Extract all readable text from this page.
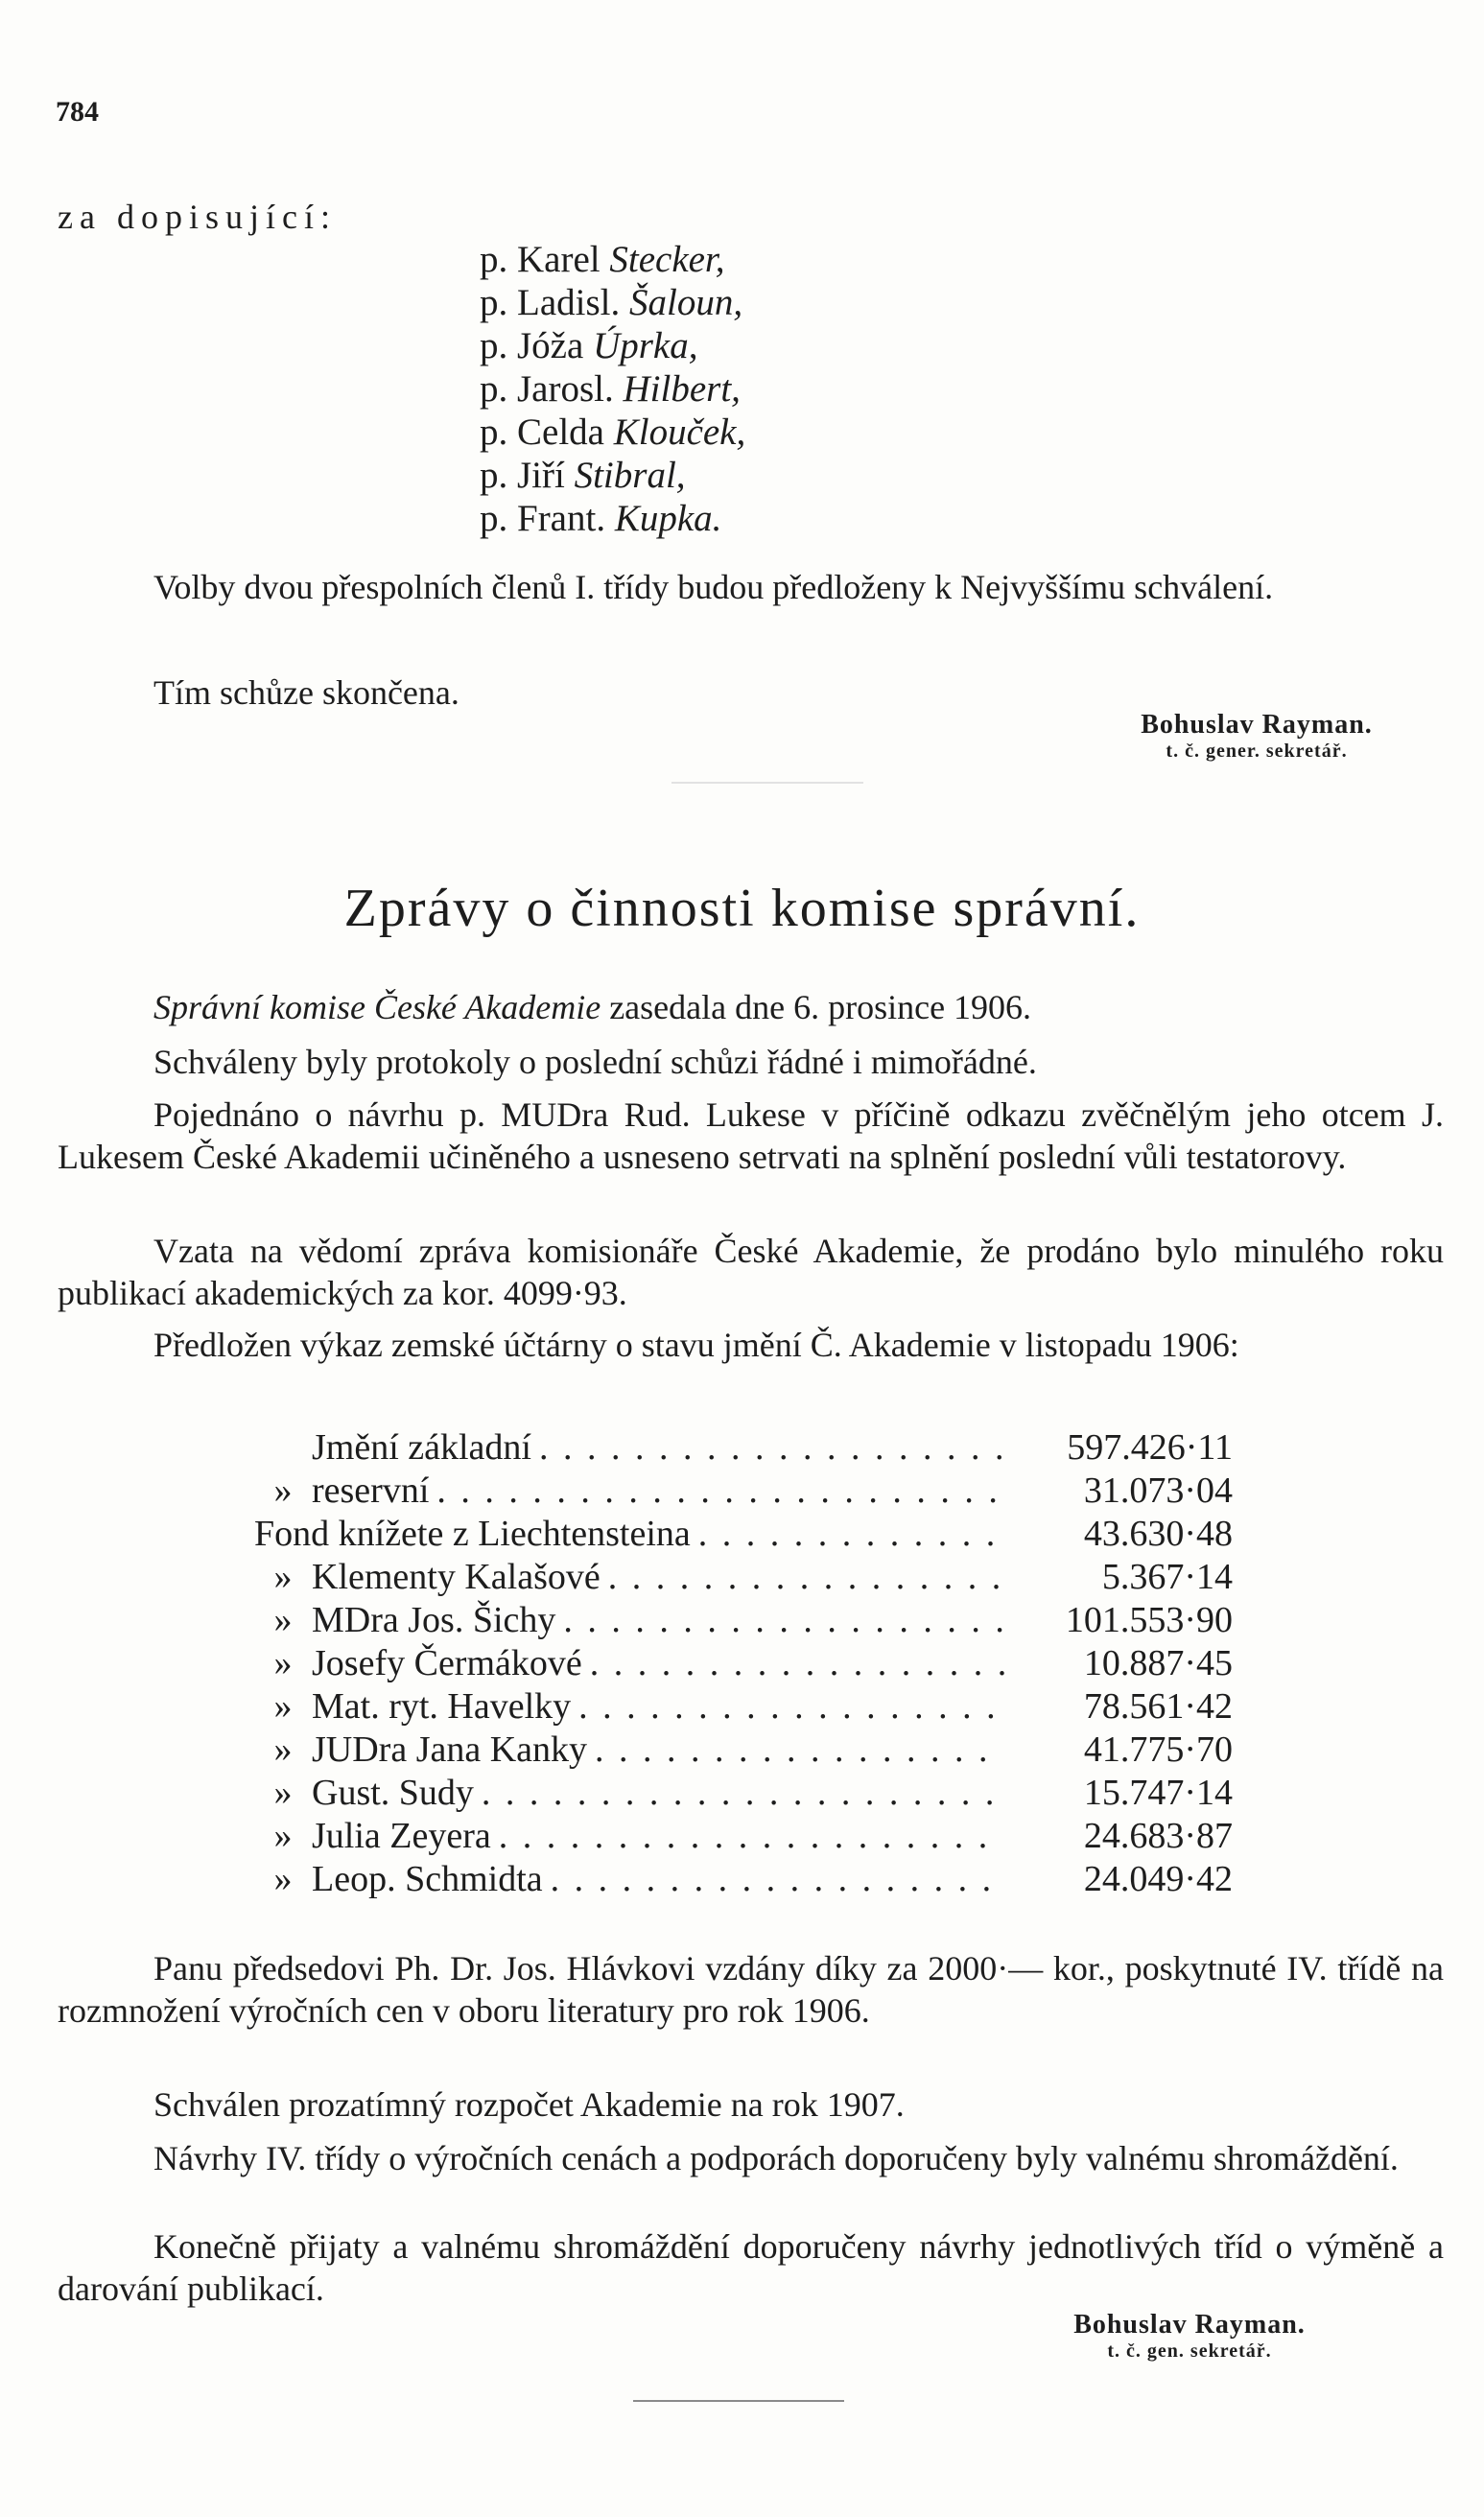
784
za dopisující:
p. Karel Stecker,
p. Ladisl. Šaloun,
p. Jóža Úprka,
p. Jarosl. Hilbert,
p. Celda Klouček,
p. Jiří Stibral,
p. Frant. Kupka.
Volby dvou přespolních členů I. třídy budou předloženy k Nejvyššímu schválení.
Tím schůze skončena.
Bohuslav Rayman.
t. č. gener. sekretář.
Zprávy o činnosti komise správní.
Správní komise České Akademie zasedala dne 6. prosince 1906.
Schváleny byly protokoly o poslední schůzi řádné i mimořádné.
Pojednáno o návrhu p. MUDra Rud. Lukese v příčině odkazu zvěčnělým jeho otcem J. Lukesem České Akademii učiněného a usneseno setrvati na splnění poslední vůli testatorovy.
Vzata na vědomí zpráva komisionáře České Akademie, že prodáno bylo minulého roku publikací akademických za kor. 4099·93.
Předložen výkaz zemské účtárny o stavu jmění Č. Akademie v listopadu 1906:
Jmění základní . . .	597.426·11
» reservní . . .	31.073·04
Fond knížete z Liechtensteina . . .	43.630·48
» Klementy Kalašové . . .	5.367·14
» MDra Jos. Šichy . . .	101.553·90
» Josefy Čermákové . . .	10.887·45
» Mat. ryt. Havelky . . .	78.561·42
» JUDra Jana Kanky . . .	41.775·70
» Gust. Sudy . . .	15.747·14
» Julia Zeyera . . .	24.683·87
» Leop. Schmidta . . .	24.049·42
Panu předsedovi Ph. Dr. Jos. Hlávkovi vzdány díky za 2000·— kor., poskytnuté IV. třídě na rozmnožení výročních cen v oboru literatury pro rok 1906.
Schválen prozatímný rozpočet Akademie na rok 1907.
Návrhy IV. třídy o výročních cenách a podporách doporučeny byly valnému shromáždění.
Konečně přijaty a valnému shromáždění doporučeny návrhy jednotlivých tříd o výměně a darování publikací.
Bohuslav Rayman.
t. č. gen. sekretář.
